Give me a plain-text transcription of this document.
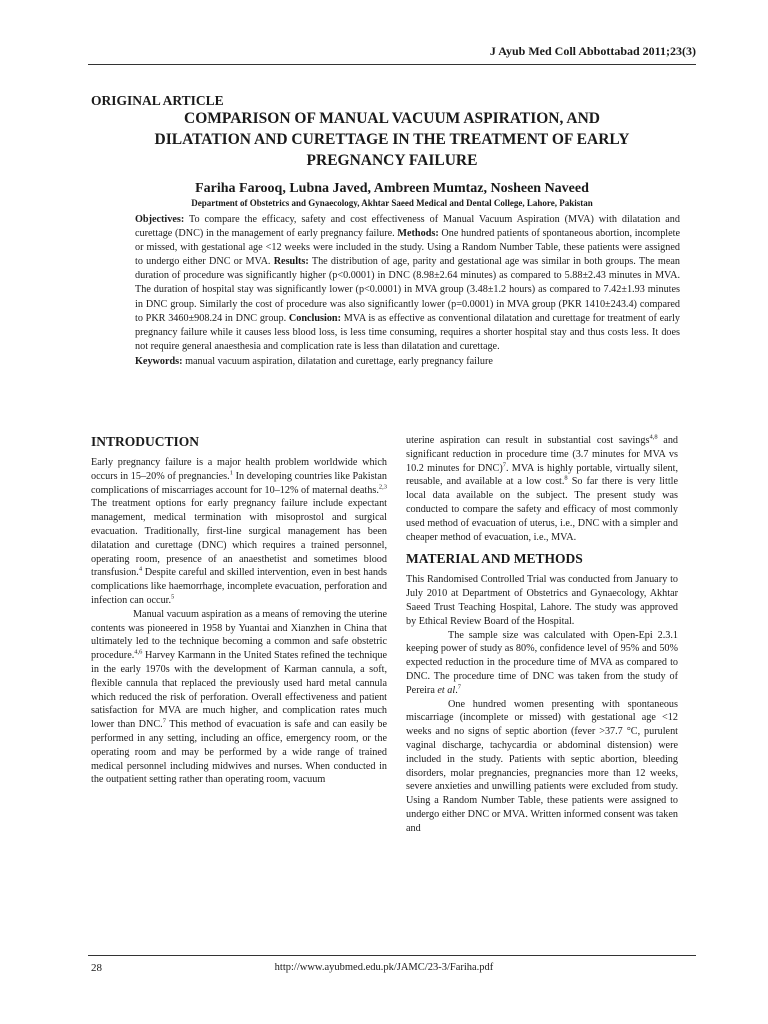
J Ayub Med Coll Abbottabad 2011;23(3)
ORIGINAL ARTICLE
COMPARISON OF MANUAL VACUUM ASPIRATION, AND
DILATATION AND CURETTAGE IN THE TREATMENT OF EARLY
PREGNANCY FAILURE
Fariha Farooq, Lubna Javed, Ambreen Mumtaz, Nosheen Naveed
Department of Obstetrics and Gynaecology, Akhtar Saeed Medical and Dental College, Lahore, Pakistan
Objectives: To compare the efficacy, safety and cost effectiveness of Manual Vacuum Aspiration (MVA) with dilatation and curettage (DNC) in the management of early pregnancy failure. Methods: One hundred patients of spontaneous abortion, incomplete or missed, with gestational age <12 weeks were included in the study. Using a Random Number Table, these patients were assigned to undergo either DNC or MVA. Results: The distribution of age, parity and gestational age was similar in both groups. The mean duration of procedure was significantly higher (p<0.0001) in DNC (8.98±2.64 minutes) as compared to 5.88±2.43 minutes in MVA. The duration of hospital stay was significantly lower (p<0.0001) in MVA group (3.48±1.2 hours) as compared to 7.42±1.93 minutes in DNC group. Similarly the cost of procedure was also significantly lower (p=0.0001) in MVA group (PKR 1410±243.4) compared to PKR 3460±908.24 in DNC group. Conclusion: MVA is as effective as conventional dilatation and curettage for treatment of early pregnancy failure while it causes less blood loss, is less time consuming, requires a shorter hospital stay and thus costs less. It does not require general anaesthesia and complication rate is less than dilatation and curettage.
Keywords: manual vacuum aspiration, dilatation and curettage, early pregnancy failure
INTRODUCTION

Early pregnancy failure is a major health problem worldwide which occurs in 15–20% of pregnancies.$^1$ In developing countries like Pakistan complications of miscarriages account for 10–12% of maternal deaths.$^{2,3}$ The treatment options for early pregnancy failure include expectant management, medical termination with misoprostol and surgical evacuation. Traditionally, first-line surgical management has been dilatation and curettage (DNC) which requires a trained personnel, operating room, presence of an anaesthetist and sometimes blood transfusion.$^4$ Despite careful and skilled intervention, even in best hands complications like haemorrhage, incomplete evacuation, perforation and infection can occur.$^5$

Manual vacuum aspiration as a means of removing the uterine contents was pioneered in 1958 by Yuantai and Xianzhen in China that ultimately led to the technique becoming a common and safe obstetric procedure.$^{4,6}$ Harvey Karmann in the United States refined the technique in the early 1970s with the development of Karman cannula, a soft, flexible cannula that replaced the previously used hard metal cannula which reduced the risk of perforation. Overall effectiveness and patient satisfaction for MVA are much higher, and complication rates much lower than DNC.$^7$ This method of evacuation is safe and can easily be performed in any setting, including an office, emergency room, or the operating room and may be performed by a wide range of trained medical personnel including midwives and nurses. When conducted in the outpatient setting rather than operating room, vacuum

uterine aspiration can result in substantial cost savings$^{4,8}$ and significant reduction in procedure time (3.7 minutes for MVA vs 10.2 minutes for DNC)$^7$. MVA is highly portable, virtually silent, reusable, and available at a low cost.$^8$ So far there is very little local data available on the subject. The present study was conducted to compare the safety and efficacy of most commonly used method of evacuation of uterus, i.e., DNC with a simpler and cheaper method of evacuation, i.e., MVA.

MATERIAL AND METHODS

This Randomised Controlled Trial was conducted from January to July 2010 at Department of Obstetrics and Gynaecology, Akhtar Saeed Trust Teaching Hospital, Lahore. The study was approved by Ethical Review Board of the Hospital.

The sample size was calculated with Open-Epi 2.3.1 keeping power of study as 80%, confidence level of 95% and 50% expected reduction in the procedure time of MVA as compared to DNC. The procedure time of DNC was taken from the study of Pereira et al.$^7$

One hundred women presenting with spontaneous miscarriage (incomplete or missed) with gestational age <12 weeks and no signs of septic abortion (fever >37.7 °C, purulent vaginal discharge, tachycardia or abdominal distension) were included in the study. Patients with septic abortion, bleeding disorders, molar pregnancies, pregnancies more than 12 weeks, severe anxieties and unwilling patients were excluded from study. Using a Random Number Table, these patients were assigned to undergo either DNC or MVA. Written informed consent was taken and

28	http://www.ayubmed.edu.pk/JAMC/23-3/Fariha.pdf
